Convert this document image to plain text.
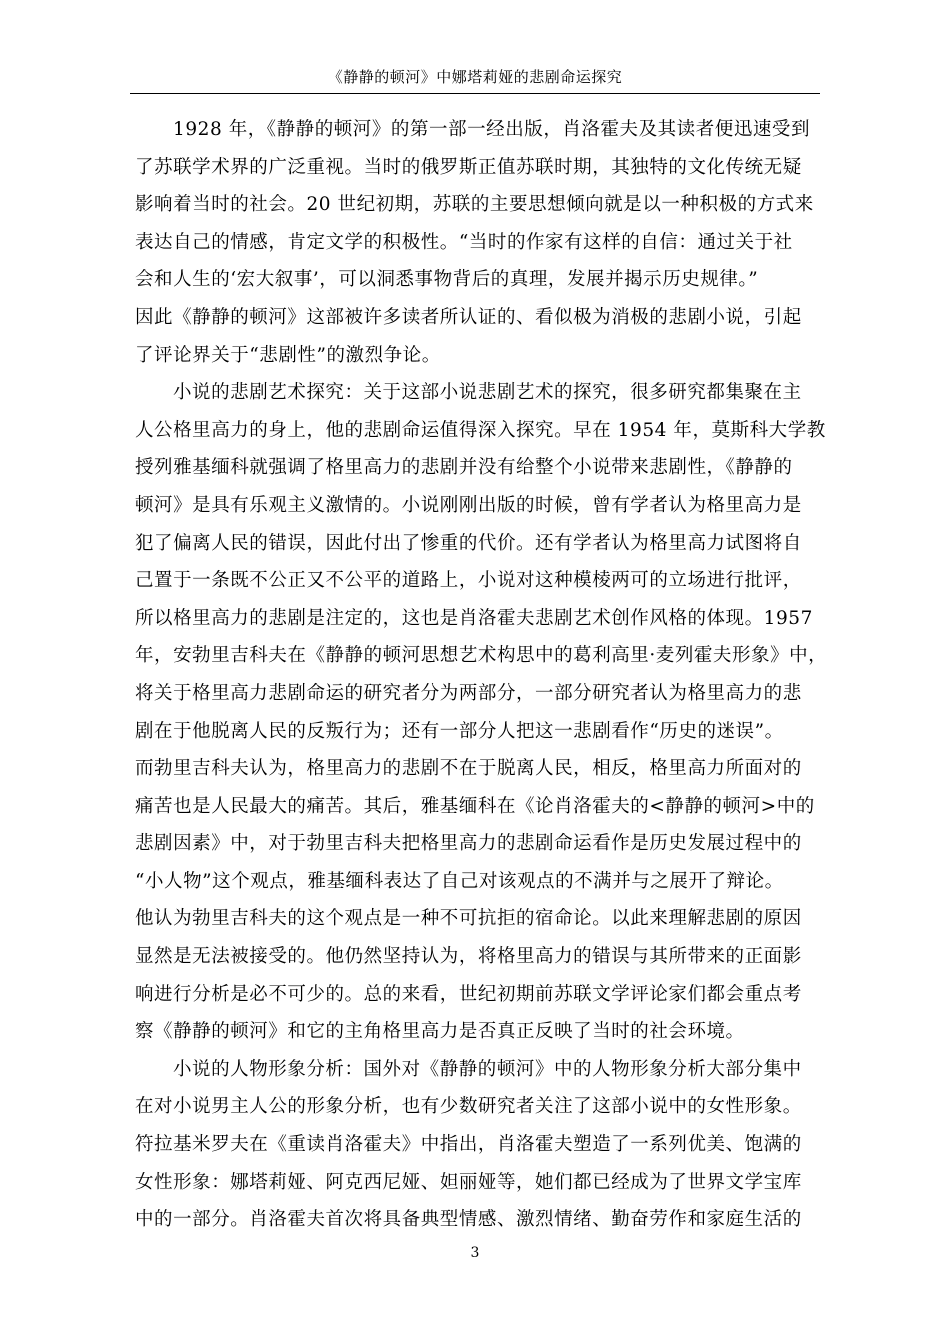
《静静的顿河》中娜塔莉娅的悲剧命运探究
1928 年，《静静的顿河》的第一部一经出版，肖洛霍夫及其读者便迅速受到
了苏联学术界的广泛重视。当时的俄罗斯正值苏联时期，其独特的文化传统无疑
影响着当时的社会。20 世纪初期，苏联的主要思想倾向就是以一种积极的方式来
表达自己的情感，肯定文学的积极性。“当时的作家有这样的自信：通过关于社
会和人生的‘宏大叙事’，可以洞悉事物背后的真理，发展并揭示历史规律。”
因此《静静的顿河》这部被许多读者所认证的、看似极为消极的悲剧小说，引起
了评论界关于“悲剧性”的激烈争论。
小说的悲剧艺术探究：关于这部小说悲剧艺术的探究，很多研究都集聚在主
人公格里高力的身上，他的悲剧命运值得深入探究。早在 1954 年，莫斯科大学教
授列雅基缅科就强调了格里高力的悲剧并没有给整个小说带来悲剧性，《静静的
顿河》是具有乐观主义激情的。小说刚刚出版的时候，曾有学者认为格里高力是
犯了偏离人民的错误，因此付出了惨重的代价。还有学者认为格里高力试图将自
己置于一条既不公正又不公平的道路上，小说对这种模棱两可的立场进行批评，
所以格里高力的悲剧是注定的，这也是肖洛霍夫悲剧艺术创作风格的体现。1957
年，安勃里吉科夫在《静静的顿河思想艺术构思中的葛利高里·麦列霍夫形象》中，
将关于格里高力悲剧命运的研究者分为两部分，一部分研究者认为格里高力的悲
剧在于他脱离人民的反叛行为；还有一部分人把这一悲剧看作“历史的迷误”。
而勃里吉科夫认为，格里高力的悲剧不在于脱离人民，相反，格里高力所面对的
痛苦也是人民最大的痛苦。其后，雅基缅科在《论肖洛霍夫的<静静的顿河>中的
悲剧因素》中，对于勃里吉科夫把格里高力的悲剧命运看作是历史发展过程中的
“小人物”这个观点，雅基缅科表达了自己对该观点的不满并与之展开了辩论。
他认为勃里吉科夫的这个观点是一种不可抗拒的宿命论。以此来理解悲剧的原因
显然是无法被接受的。他仍然坚持认为，将格里高力的错误与其所带来的正面影
响进行分析是必不可少的。总的来看，世纪初期前苏联文学评论家们都会重点考
察《静静的顿河》和它的主角格里高力是否真正反映了当时的社会环境。
小说的人物形象分析：国外对《静静的顿河》中的人物形象分析大部分集中
在对小说男主人公的形象分析，也有少数研究者关注了这部小说中的女性形象。
符拉基米罗夫在《重读肖洛霍夫》中指出，肖洛霍夫塑造了一系列优美、饱满的
女性形象：娜塔莉娅、阿克西尼娅、妲丽娅等，她们都已经成为了世界文学宝库
中的一部分。肖洛霍夫首次将具备典型情感、激烈情绪、勤奋劳作和家庭生活的
3
